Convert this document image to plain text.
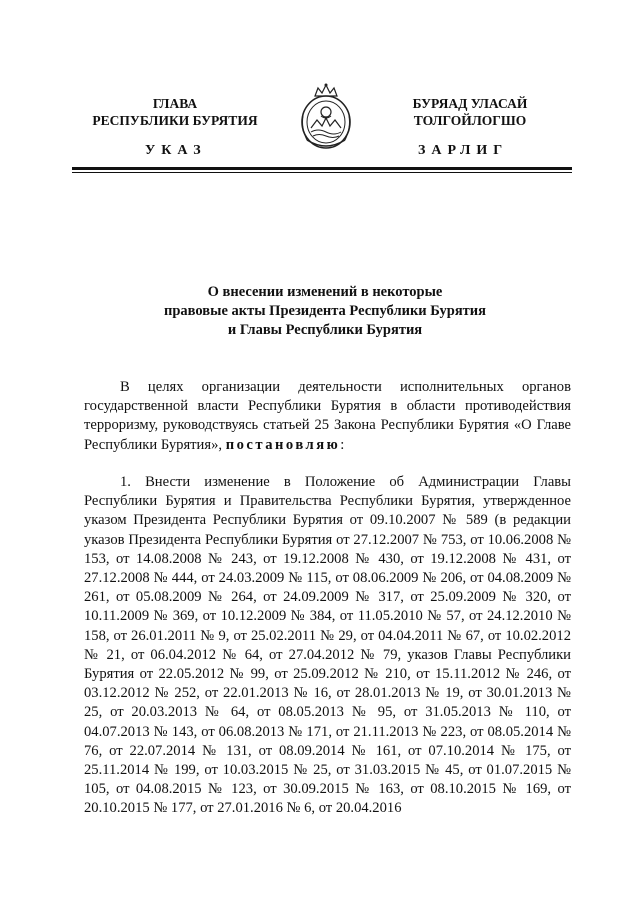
ГЛАВА
РЕСПУБЛИКИ БУРЯТИЯ
БУРЯАД УЛАСАЙ
ТОЛГОЙЛОГШО
УКАЗ	ЗАРЛИГ
О внесении изменений в некоторые
правовые акты Президента Республики Бурятия
и Главы Республики Бурятия
В целях организации деятельности исполнительных органов государственной власти Республики Бурятия в области противодействия терроризму, руководствуясь статьей 25 Закона Республики Бурятия «О Главе Республики Бурятия», постановляю:
1. Внести изменение в Положение об Администрации Главы Республики Бурятия и Правительства Республики Бурятия, утвержденное указом Президента Республики Бурятия от 09.10.2007 № 589 (в редакции указов Президента Республики Бурятия от 27.12.2007 № 753, от 10.06.2008 № 153, от 14.08.2008 № 243, от 19.12.2008 № 430, от 19.12.2008 № 431, от 27.12.2008 № 444, от 24.03.2009 № 115, от 08.06.2009 № 206, от 04.08.2009 № 261, от 05.08.2009 № 264, от 24.09.2009 № 317, от 25.09.2009 № 320, от 10.11.2009 № 369, от 10.12.2009 № 384, от 11.05.2010 № 57, от 24.12.2010 № 158, от 26.01.2011 № 9, от 25.02.2011 № 29, от 04.04.2011 № 67, от 10.02.2012 № 21, от 06.04.2012 № 64, от 27.04.2012 № 79, указов Главы Республики Бурятия от 22.05.2012 № 99, от 25.09.2012 № 210, от 15.11.2012 № 246, от 03.12.2012 № 252, от 22.01.2013 № 16, от 28.01.2013 № 19, от 30.01.2013 № 25, от 20.03.2013 № 64, от 08.05.2013 № 95, от 31.05.2013 № 110, от 04.07.2013 № 143, от 06.08.2013 № 171, от 21.11.2013 № 223, от 08.05.2014 № 76, от 22.07.2014 № 131, от 08.09.2014 № 161, от 07.10.2014 № 175, от 25.11.2014 № 199, от 10.03.2015 № 25, от 31.03.2015 № 45, от 01.07.2015 № 105, от 04.08.2015 № 123, от 30.09.2015 № 163, от 08.10.2015 № 169, от 20.10.2015 № 177, от 27.01.2016 № 6, от 20.04.2016
